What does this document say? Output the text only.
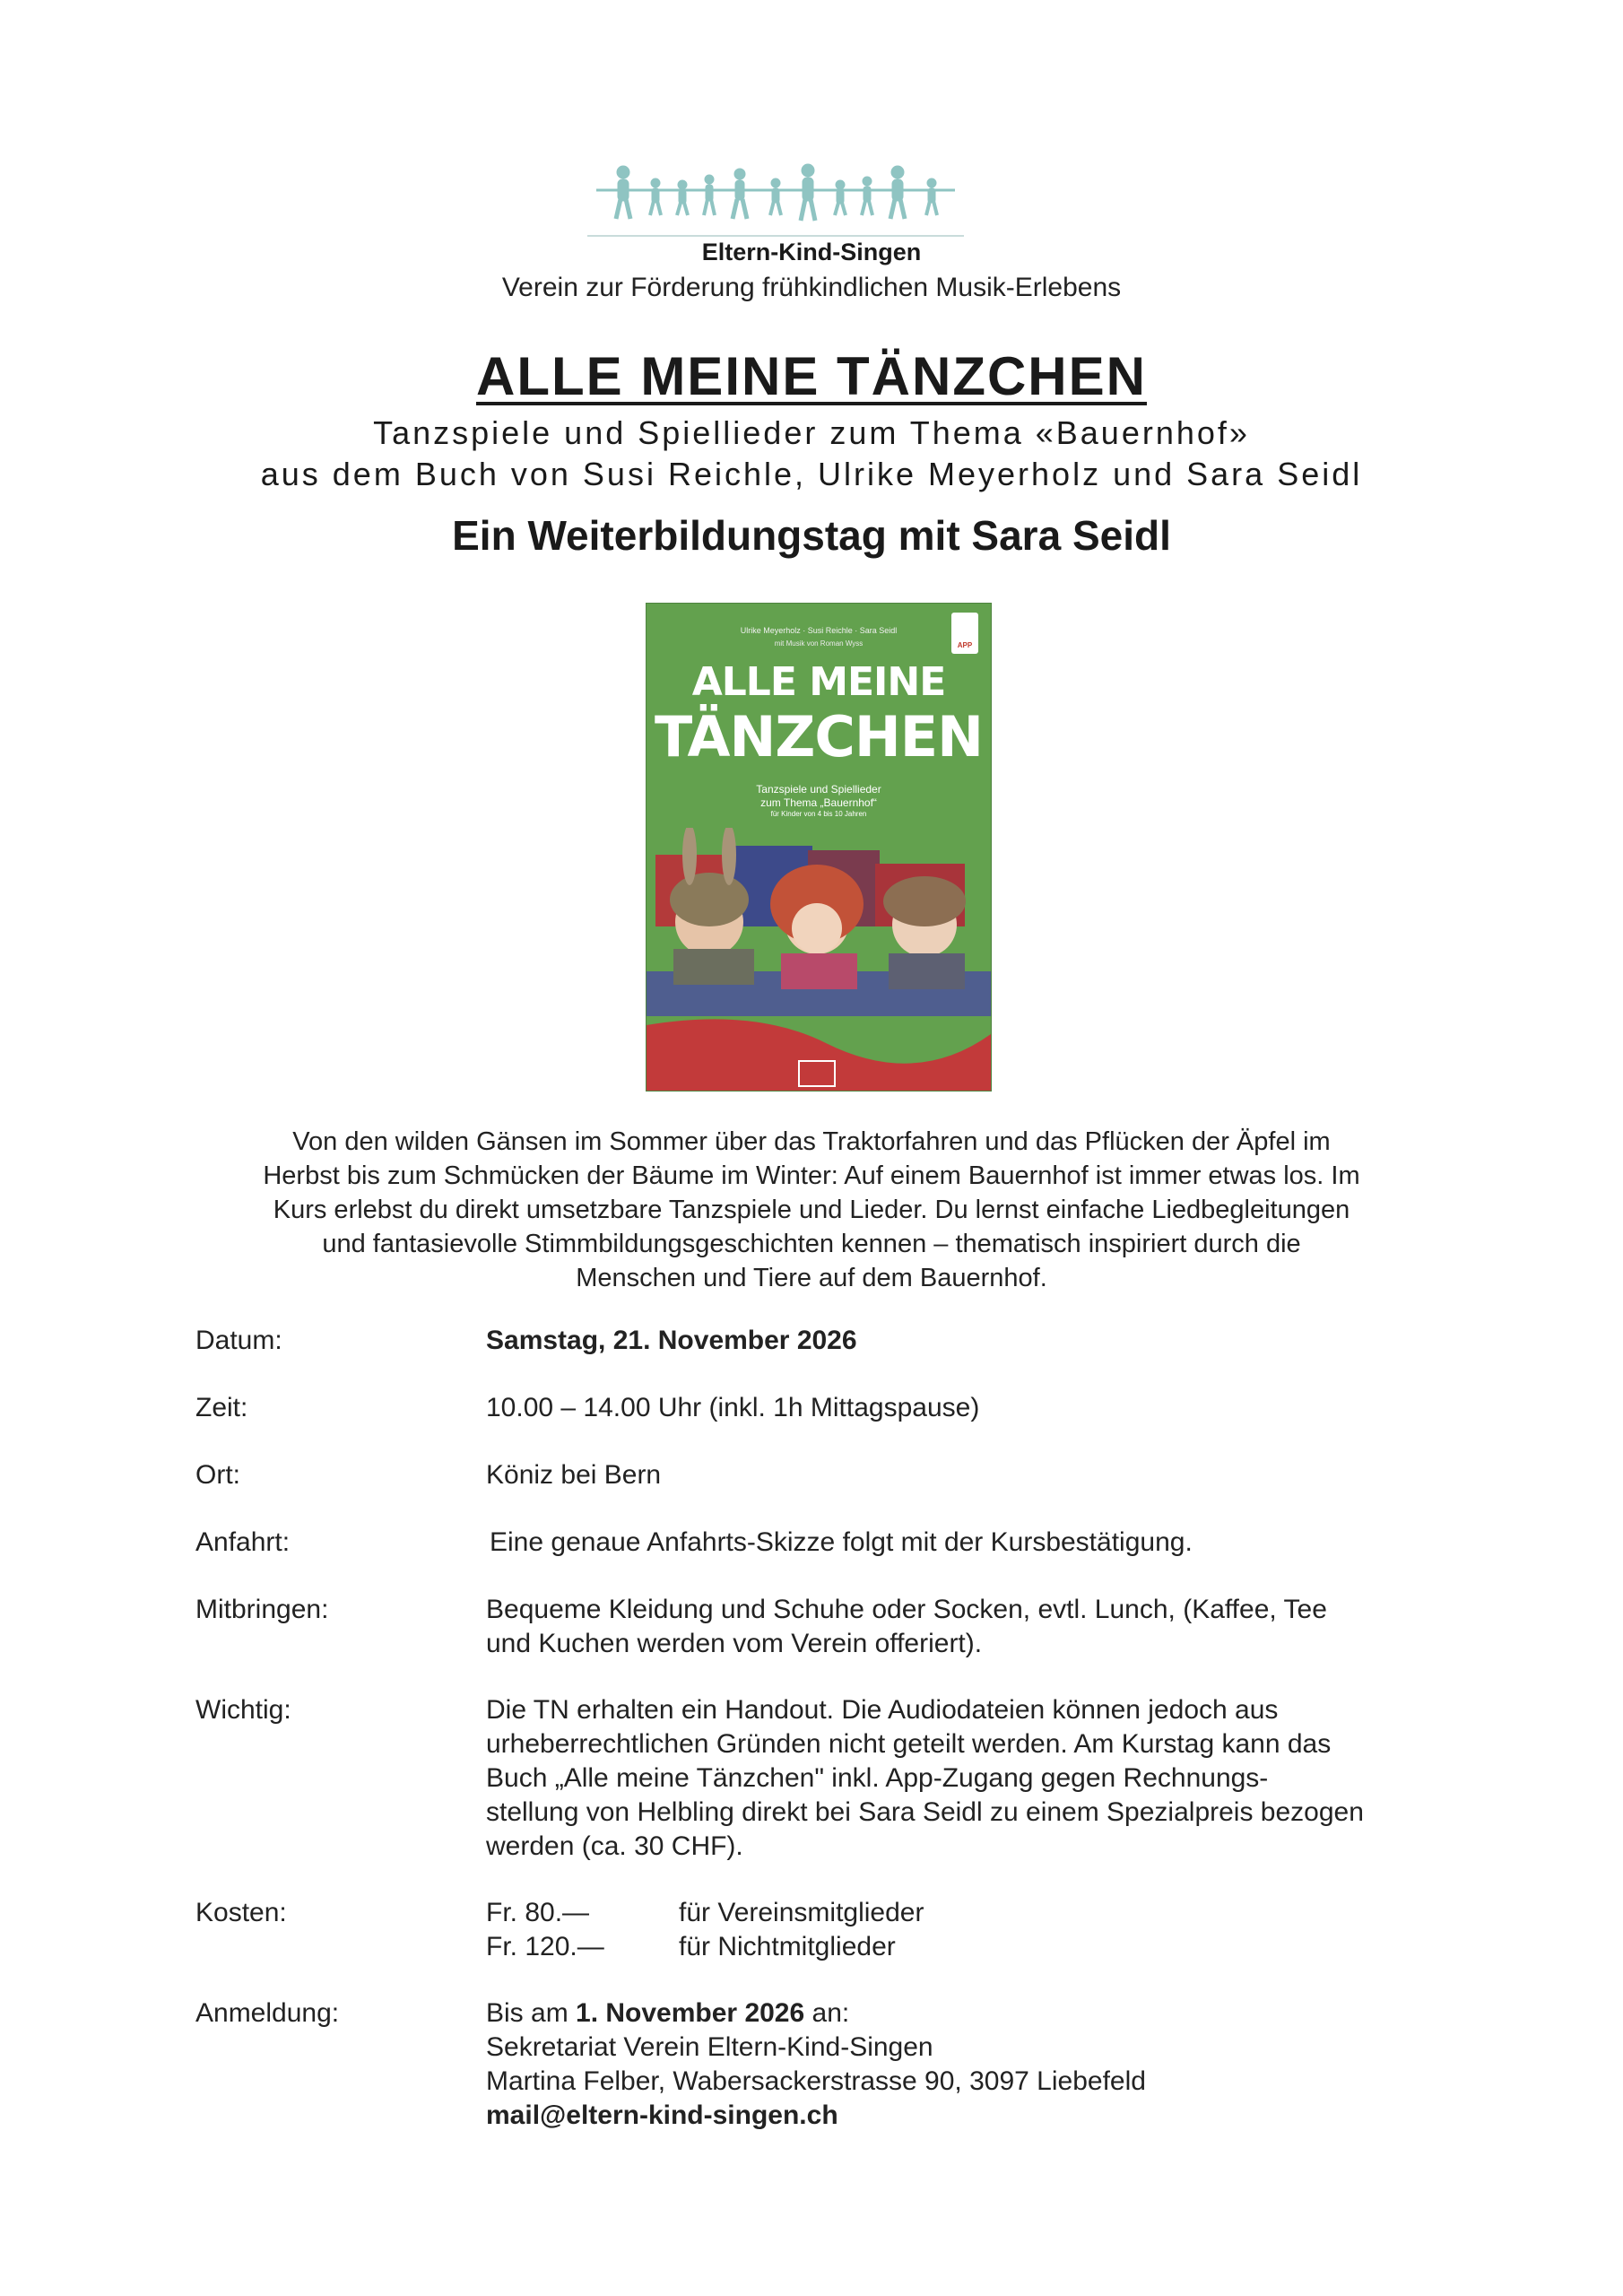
Eltern-Kind-Singen
Verein zur Förderung frühkindlichen Musik-Erlebens
ALLE MEINE TÄNZCHEN
Tanzspiele und Spiellieder zum Thema «Bauernhof»
aus dem Buch von Susi Reichle, Ulrike Meyerholz und Sara Seidl
Ein Weiterbildungstag mit Sara Seidl
Ulrike Meyerholz · Susi Reichle · Sara Seidl
mit Musik von Roman Wyss	APP
ALLE MEINE
TÄNZCHEN
Tanzspiele und Spiellieder
zum Thema „Bauernhof“
für Kinder von 4 bis 10 Jahren
Von den wilden Gänsen im Sommer über das Traktorfahren und das Pflücken der Äpfel im
Herbst bis zum Schmücken der Bäume im Winter: Auf einem Bauernhof ist immer etwas los. Im
Kurs erlebst du direkt umsetzbare Tanzspiele und Lieder. Du lernst einfache Liedbegleitungen
und fantasievolle Stimmbildungsgeschichten kennen – thematisch inspiriert durch die
Menschen und Tiere auf dem Bauernhof.
Datum:	Samstag, 21. November 2026
Zeit:	10.00 – 14.00 Uhr (inkl. 1h Mittagspause)
Ort:	Köniz bei Bern
Anfahrt:	Eine genaue Anfahrts-Skizze folgt mit der Kursbestätigung.
Mitbringen:	Bequeme Kleidung und Schuhe oder Socken, evtl. Lunch, (Kaffee, Tee
und Kuchen werden vom Verein offeriert).
Wichtig:	Die TN erhalten ein Handout. Die Audiodateien können jedoch aus
urheberrechtlichen Gründen nicht geteilt werden. Am Kurstag kann das
Buch „Alle meine Tänzchen" inkl. App-Zugang gegen Rechnungs-
stellung von Helbling direkt bei Sara Seidl zu einem Spezialpreis bezogen
werden (ca. 30 CHF).
Kosten:	Fr. 80.—	für Vereinsmitglieder
Fr. 120.—	für Nichtmitglieder
Anmeldung:	Bis am 1. November 2026 an:
Sekretariat Verein Eltern-Kind-Singen
Martina Felber, Wabersackerstrasse 90, 3097 Liebefeld
mail@eltern-kind-singen.ch
